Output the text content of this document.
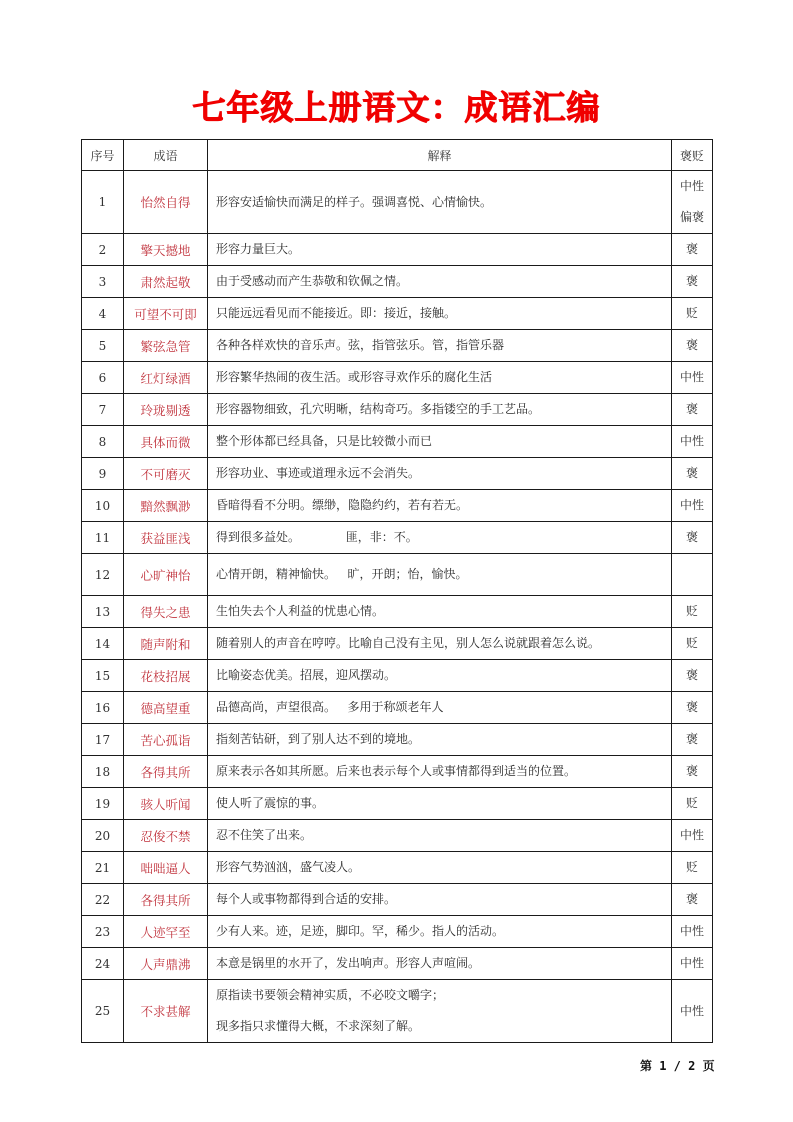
七年级上册语文：成语汇编
序号	成语	解释	褒贬
1	怡然自得	形容安适愉快而满足的样子。强调喜悦、心情愉快。	中性
偏褒

2	擎天撼地	形容力量巨大。	褒

3	肃然起敬	由于受感动而产生恭敬和钦佩之情。	褒

4	可望不可即	只能远远看见而不能接近。即：接近，接触。	贬

5	繁弦急管	各种各样欢快的音乐声。弦，指管弦乐。管，指管乐器	褒

6	红灯绿酒	形容繁华热闹的夜生活。或形容寻欢作乐的腐化生活	中性

7	玲珑剔透	形容器物细致，孔穴明晰，结构奇巧。多指镂空的手工艺品。	褒

8	具体而微	整个形体都已经具备，只是比较微小而已	中性

9	不可磨灭	形容功业、事迹或道理永远不会消失。	褒

10	黯然飘渺	昏暗得看不分明。缥缈，隐隐约约，若有若无。	中性

11	获益匪浅	得到很多益处。            匪，非：不。	褒

12	心旷神怡	心情开朗，精神愉快。   旷，开朗；怡，愉快。	

13	得失之患	生怕失去个人利益的忧患心情。	贬

14	随声附和	随着别人的声音在哼哼。比喻自己没有主见，别人怎么说就跟着怎么说。	贬

15	花枝招展	比喻姿态优美。招展，迎风摆动。	褒

16	德高望重	品德高尚，声望很高。   多用于称颂老年人	褒

17	苦心孤诣	指刻苦钻研，到了别人达不到的境地。	褒

18	各得其所	原来表示各如其所愿。后来也表示每个人或事情都得到适当的位置。	褒

19	骇人听闻	使人听了震惊的事。	贬

20	忍俊不禁	忍不住笑了出来。	中性

21	咄咄逼人	形容气势汹汹，盛气凌人。	贬

22	各得其所	每个人或事物都得到合适的安排。	褒

23	人迹罕至	少有人来。迹，足迹，脚印。罕，稀少。指人的活动。	中性

24	人声鼎沸	本意是锅里的水开了，发出响声。形容人声喧闹。	中性

25	不求甚解	原指读书要领会精神实质，不必咬文嚼字；
现多指只求懂得大概，不求深刻了解。	中性
第 1 / 2 页
